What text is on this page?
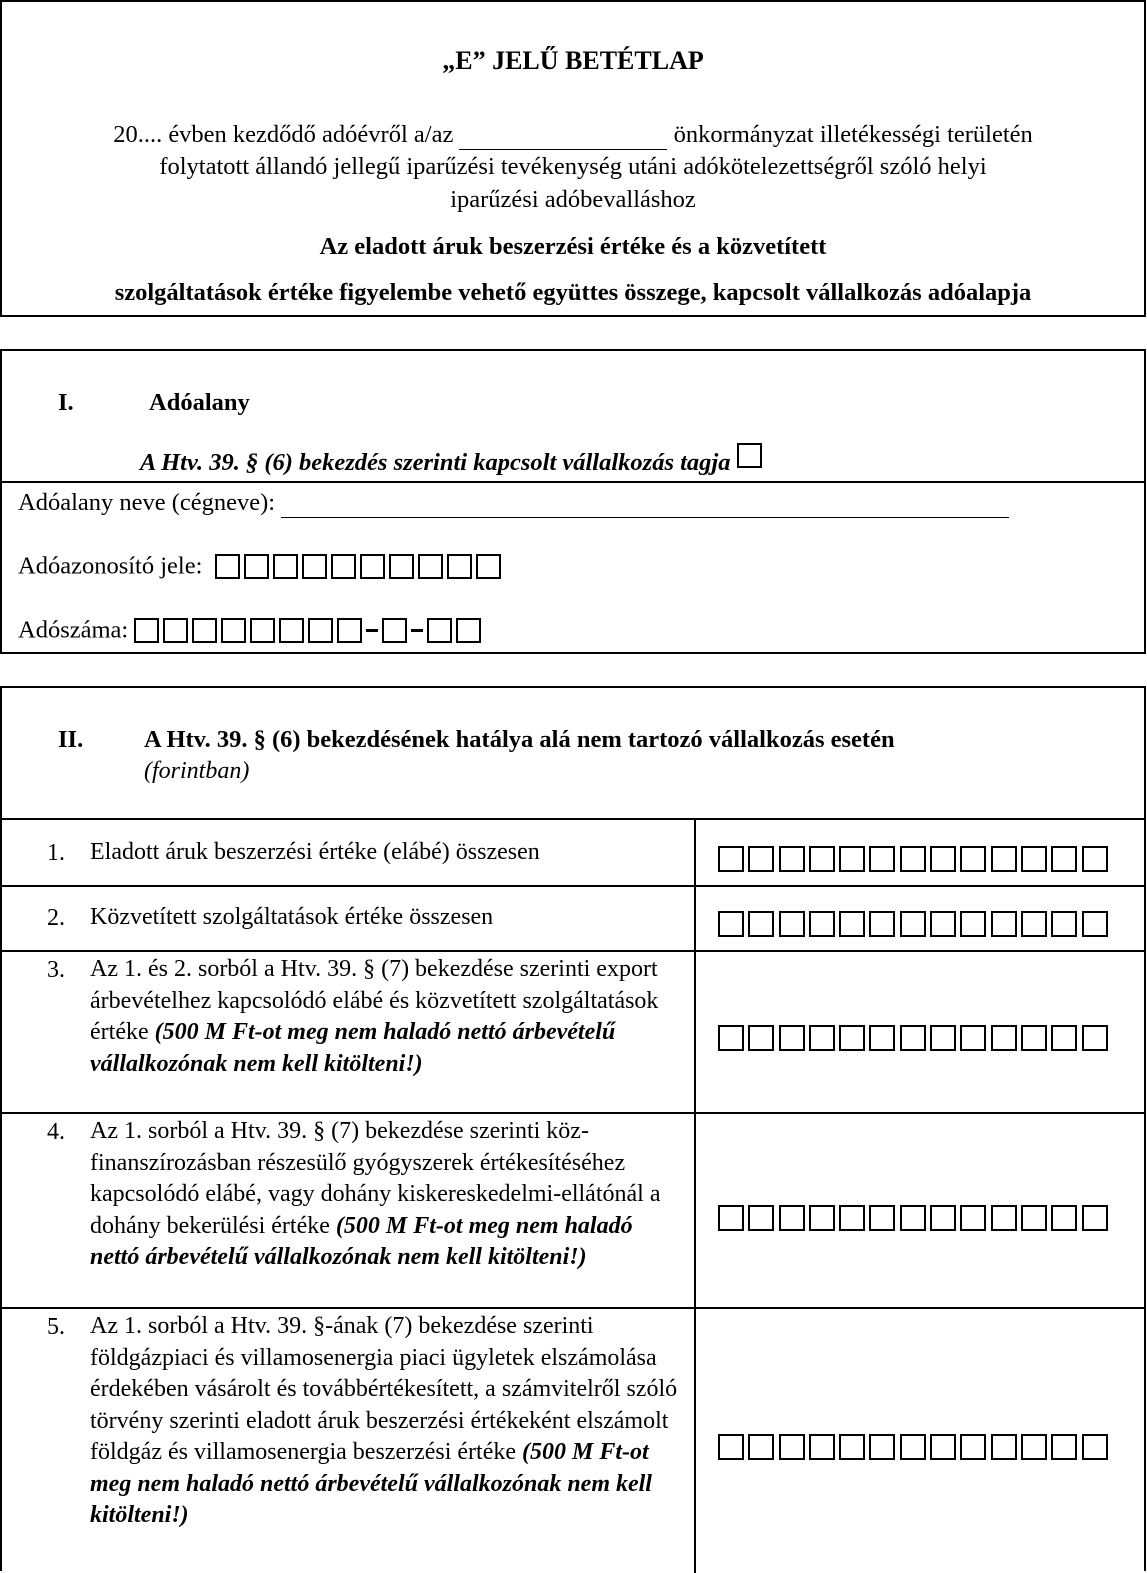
„E” JELŰ BETÉTLAP
20.... évben kezdődő adóévről a/az	önkormányzat illetékességi területén
folytatott állandó jellegű iparűzési tevékenység utáni adókötelezettségről szóló helyi
iparűzési adóbevalláshoz
Az eladott áruk beszerzési értéke és a közvetített
szolgáltatások értéke figyelembe vehető együttes összege, kapcsolt vállalkozás adóalapja
I.	Adóalany
A Htv. 39. § (6) bekezdés szerinti kapcsolt vállalkozás tagja
Adóalany neve (cégneve):
Adóazonosító jele:
Adószáma:
II. A Htv. 39. § (6) bekezdésének hatálya alá nem tartozó vállalkozás esetén
(forintban)
1. Eladott áruk beszerzési értéke (elábé) összesen
2. Közvetített szolgáltatások értéke összesen
3. Az 1. és 2. sorból a Htv. 39. § (7) bekezdése szerinti export árbevételhez kapcsolódó elábé és közvetített szolgáltatások értéke (500 M Ft-ot meg nem haladó nettó árbevételű vállalkozónak nem kell kitölteni!)
4. Az 1. sorból a Htv. 39. § (7) bekezdése szerinti köz-finanszírozásban részesülő gyógyszerek értékesítéséhez kapcsolódó elábé, vagy dohány kiskereskedelmi-ellátónál a dohány bekerülési értéke (500 M Ft-ot meg nem haladó nettó árbevételű vállalkozónak nem kell kitölteni!)
5. Az 1. sorból a Htv. 39. §-ának (7) bekezdése szerinti földgázpiaci és villamosenergia piaci ügyletek elszámolása érdekében vásárolt és továbbértékesített, a számvitelről szóló törvény szerinti eladott áruk beszerzési értékeként elszámolt földgáz és villamosenergia beszerzési értéke (500 M Ft-ot meg nem haladó nettó árbevételű vállalkozónak nem kell kitölteni!)
